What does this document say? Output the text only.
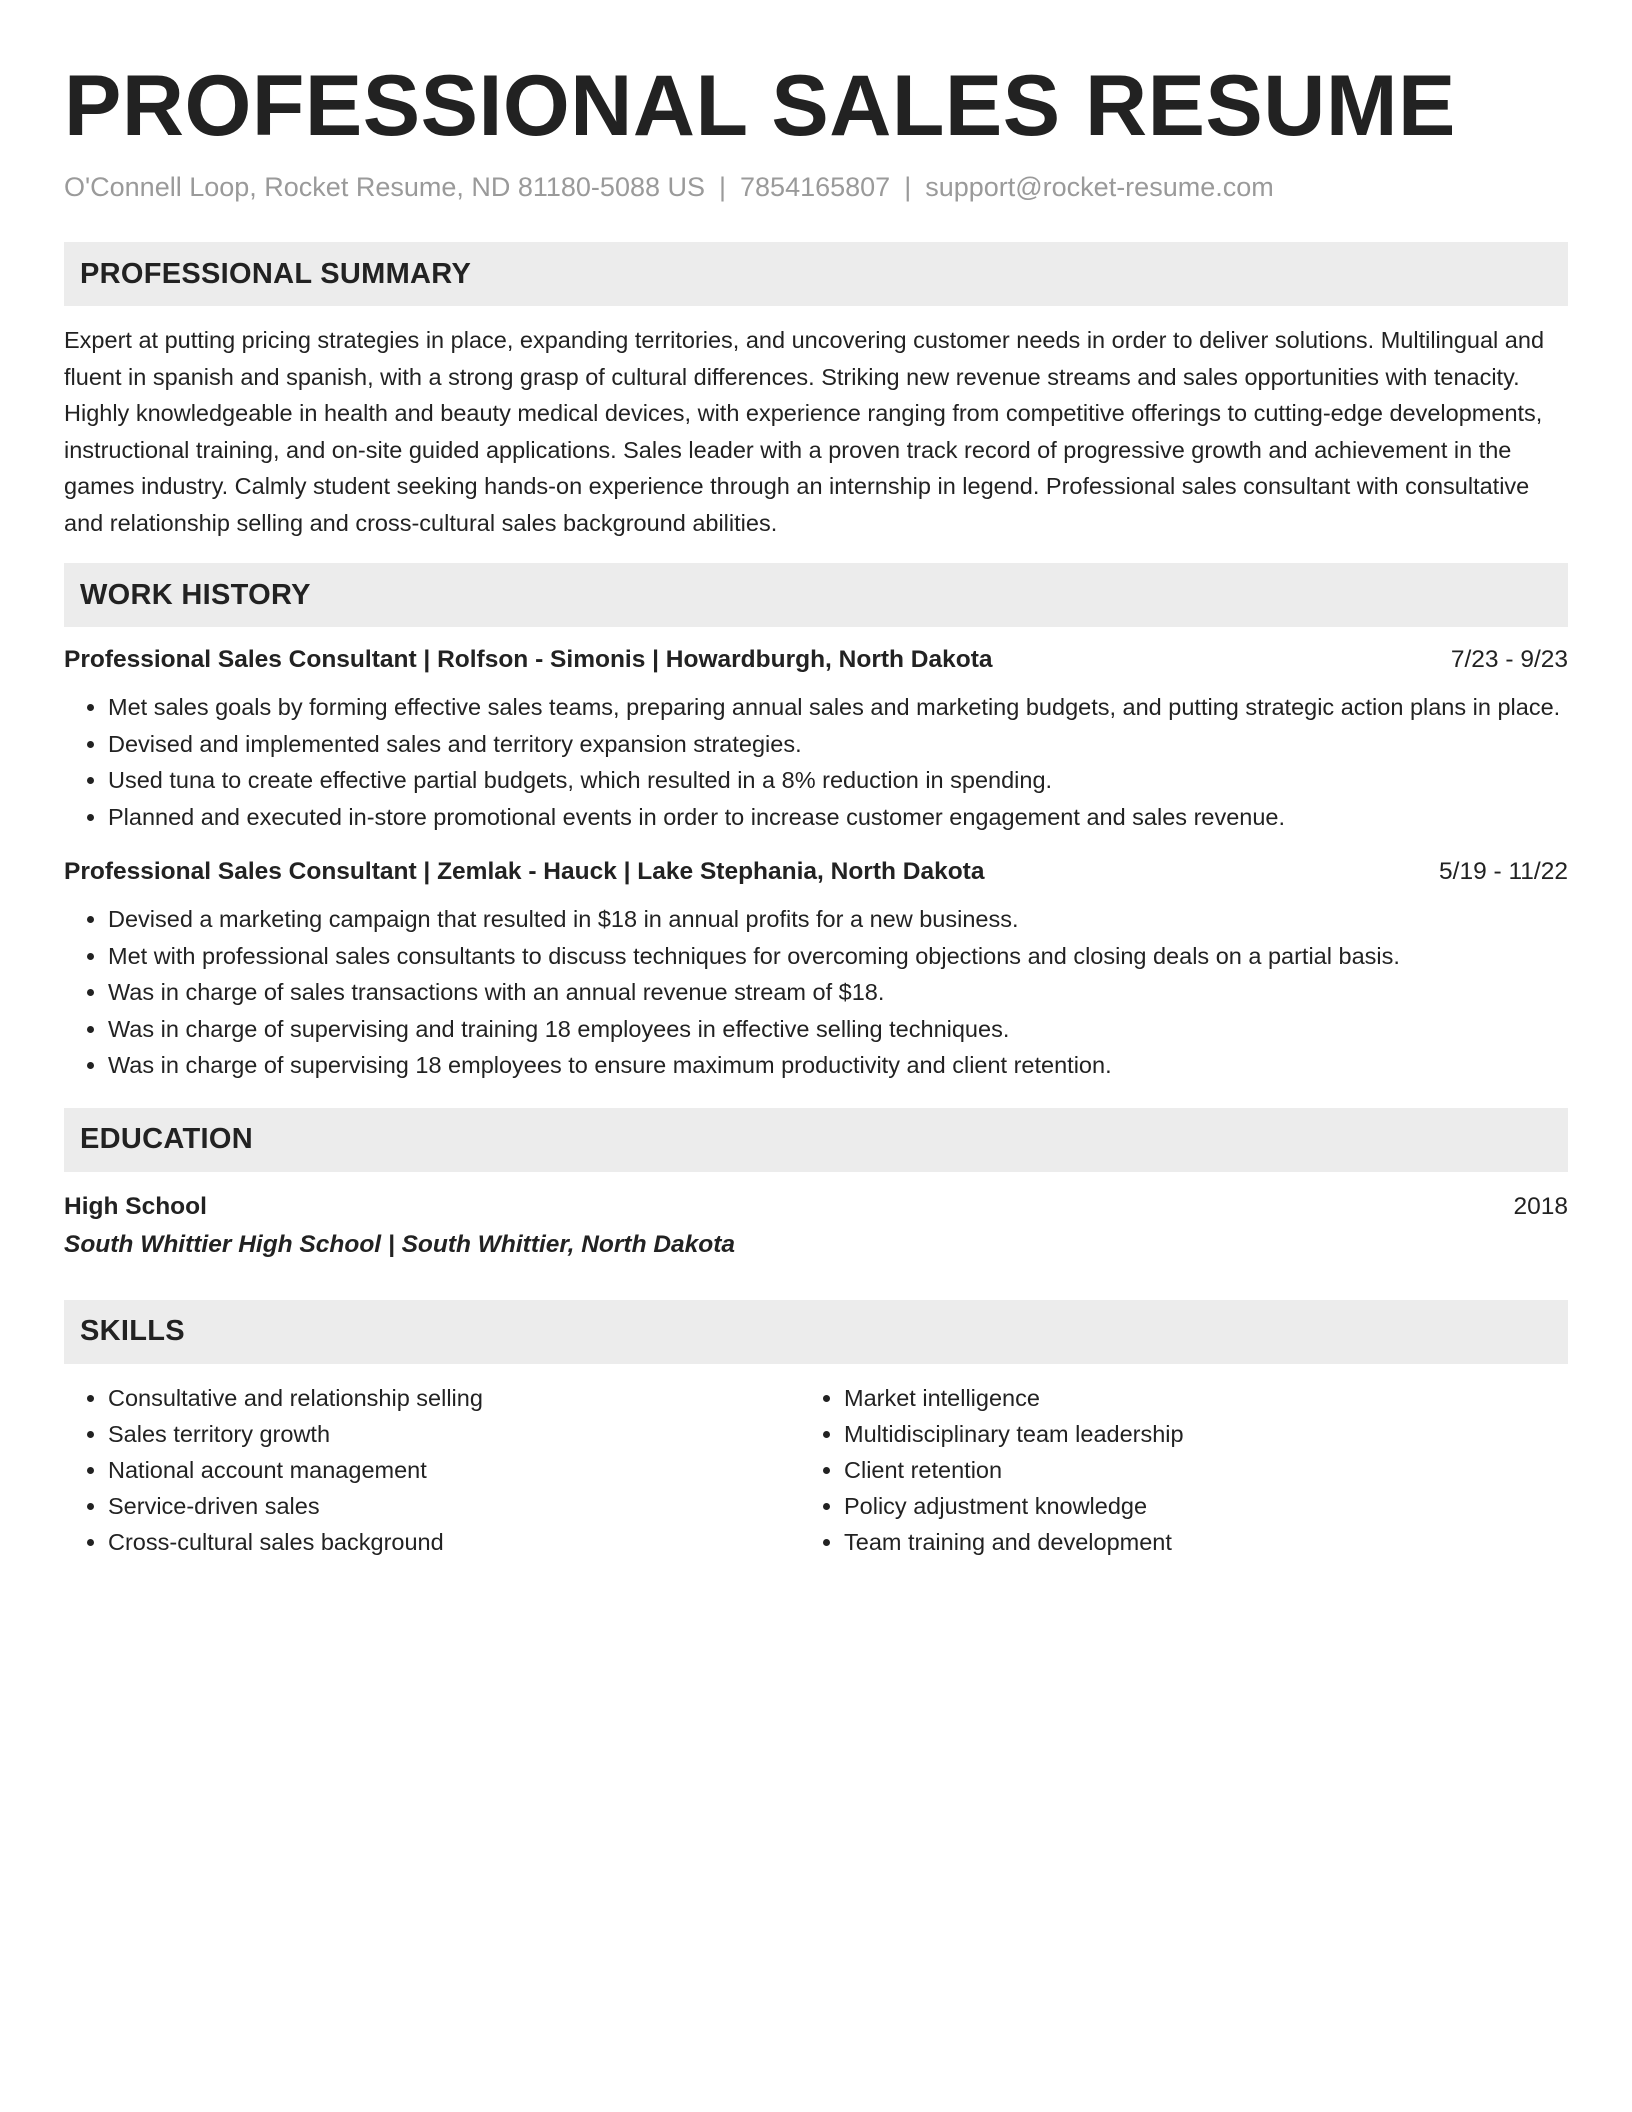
PROFESSIONAL SALES RESUME
O'Connell Loop, Rocket Resume, ND 81180-5088 US | 7854165807 | support@rocket-resume.com
PROFESSIONAL SUMMARY

Expert at putting pricing strategies in place, expanding territories, and uncovering customer needs in order to deliver solutions. Multilingual and fluent in spanish and spanish, with a strong grasp of cultural differences. Striking new revenue streams and sales opportunities with tenacity. Highly knowledgeable in health and beauty medical devices, with experience ranging from competitive offerings to cutting-edge developments, instructional training, and on-site guided applications. Sales leader with a proven track record of progressive growth and achievement in the games industry. Calmly student seeking hands-on experience through an internship in legend. Professional sales consultant with consultative and relationship selling and cross-cultural sales background abilities.

WORK HISTORY
Professional Sales Consultant | Rolfson - Simonis | Howardburgh, North Dakota	7/23 - 9/23
• Met sales goals by forming effective sales teams, preparing annual sales and marketing budgets, and putting strategic action plans in place.
• Devised and implemented sales and territory expansion strategies.
• Used tuna to create effective partial budgets, which resulted in a 8% reduction in spending.
• Planned and executed in-store promotional events in order to increase customer engagement and sales revenue.
Professional Sales Consultant | Zemlak - Hauck | Lake Stephania, North Dakota	5/19 - 11/22
• Devised a marketing campaign that resulted in $18 in annual profits for a new business.
• Met with professional sales consultants to discuss techniques for overcoming objections and closing deals on a partial basis.
• Was in charge of sales transactions with an annual revenue stream of $18.
• Was in charge of supervising and training 18 employees in effective selling techniques.
• Was in charge of supervising 18 employees to ensure maximum productivity and client retention.
EDUCATION
High School	2018
South Whittier High School | South Whittier, North Dakota
SKILLS
• Consultative and relationship selling
• Sales territory growth
• National account management
• Service-driven sales
• Cross-cultural sales background
• Market intelligence
• Multidisciplinary team leadership
• Client retention
• Policy adjustment knowledge
• Team training and development
